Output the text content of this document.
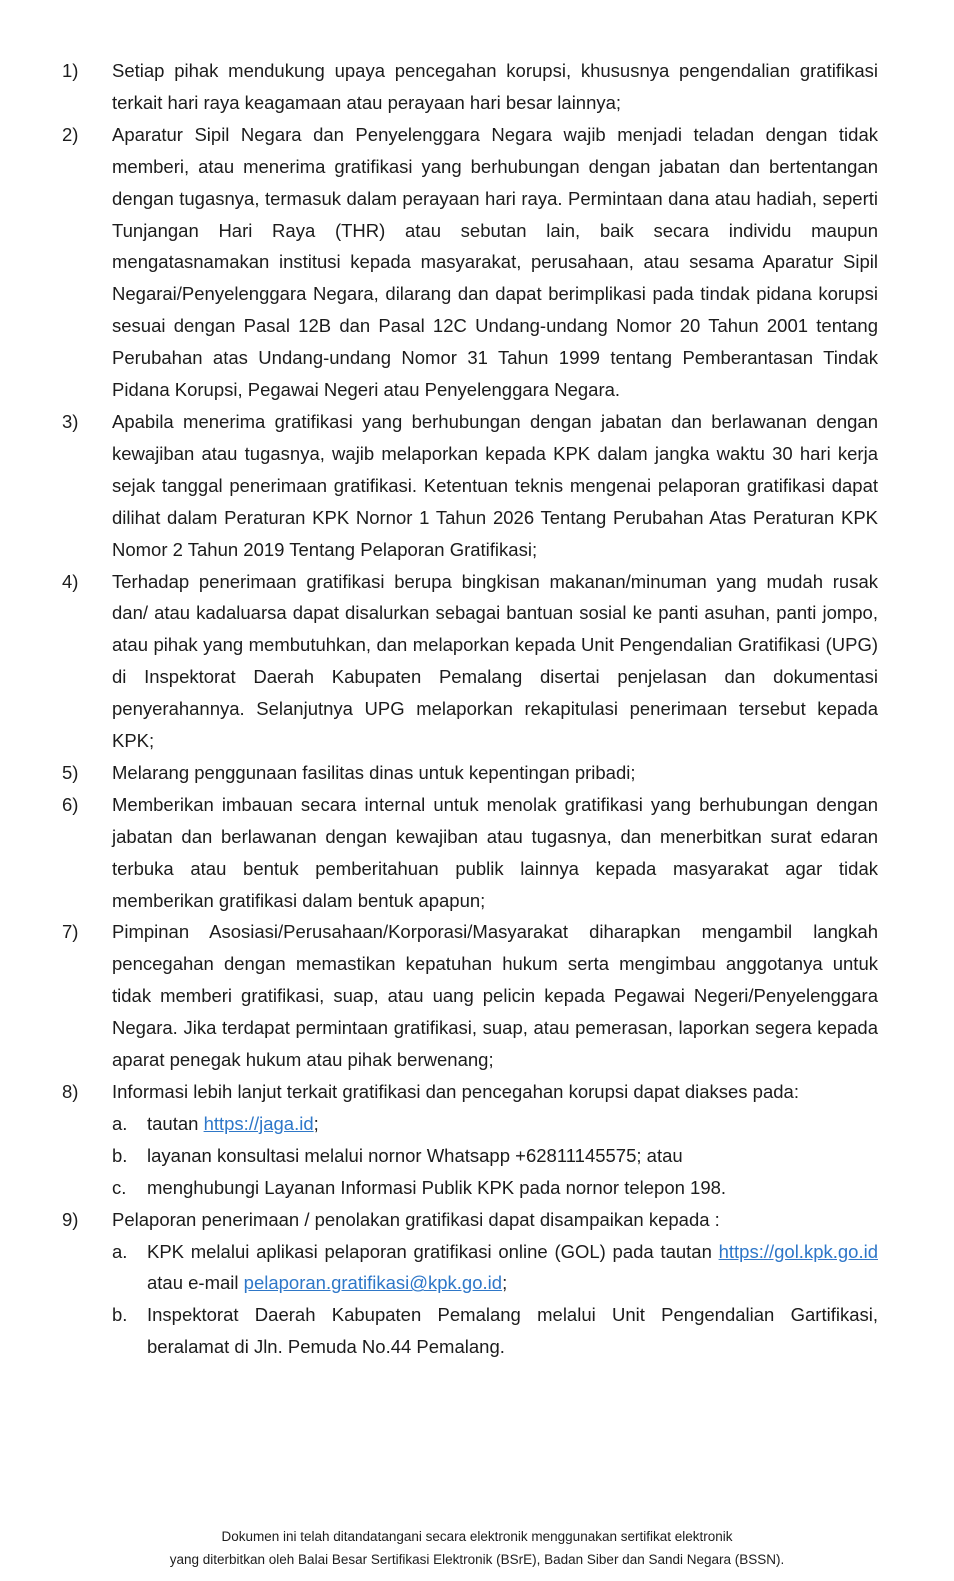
1)	Setiap pihak mendukung upaya pencegahan korupsi, khususnya pengendalian gratifikasi terkait hari raya keagamaan atau perayaan hari besar lainnya;
2)	Aparatur Sipil Negara dan Penyelenggara Negara wajib menjadi teladan dengan tidak memberi, atau menerima gratifikasi yang berhubungan dengan jabatan dan bertentangan dengan tugasnya, termasuk dalam perayaan hari raya. Permintaan dana atau hadiah, seperti Tunjangan Hari Raya (THR) atau sebutan lain, baik secara individu maupun mengatasnamakan institusi kepada masyarakat, perusahaan, atau sesama Aparatur Sipil Negarai/Penyelenggara Negara, dilarang dan dapat berimplikasi pada tindak pidana korupsi sesuai dengan Pasal 12B dan Pasal 12C Undang-undang Nomor 20 Tahun 2001 tentang Perubahan atas Undang-undang Nomor 31 Tahun 1999 tentang Pemberantasan Tindak Pidana Korupsi, Pegawai Negeri atau Penyelenggara Negara.
3)	Apabila menerima gratifikasi yang berhubungan dengan jabatan dan berlawanan dengan kewajiban atau tugasnya, wajib melaporkan kepada KPK dalam jangka waktu 30 hari kerja sejak tanggal penerimaan gratifikasi. Ketentuan teknis mengenai pelaporan gratifikasi dapat dilihat dalam Peraturan KPK Nornor 1 Tahun 2026 Tentang Perubahan Atas Peraturan KPK Nomor 2 Tahun 2019 Tentang Pelaporan Gratifikasi;
4)	Terhadap penerimaan gratifikasi berupa bingkisan makanan/minuman yang mudah rusak dan/ atau kadaluarsa dapat disalurkan sebagai bantuan sosial ke panti asuhan, panti jompo, atau pihak yang membutuhkan, dan melaporkan kepada Unit Pengendalian Gratifikasi (UPG) di Inspektorat Daerah Kabupaten Pemalang disertai penjelasan dan dokumentasi penyerahannya. Selanjutnya UPG melaporkan rekapitulasi penerimaan tersebut kepada KPK;
5)	Melarang penggunaan fasilitas dinas untuk kepentingan pribadi;
6)	Memberikan imbauan secara internal untuk menolak gratifikasi yang berhubungan dengan jabatan dan berlawanan dengan kewajiban atau tugasnya, dan menerbitkan surat edaran terbuka atau bentuk pemberitahuan publik lainnya kepada masyarakat agar tidak memberikan gratifikasi dalam bentuk apapun;
7)	Pimpinan Asosiasi/Perusahaan/Korporasi/Masyarakat diharapkan mengambil langkah pencegahan dengan memastikan kepatuhan hukum serta mengimbau anggotanya untuk tidak memberi gratifikasi, suap, atau uang pelicin kepada Pegawai Negeri/Penyelenggara Negara. Jika terdapat permintaan gratifikasi, suap, atau pemerasan, laporkan segera kepada aparat penegak hukum atau pihak berwenang;
8)	Informasi lebih lanjut terkait gratifikasi dan pencegahan korupsi dapat diakses pada:
a.	tautan https://jaga.id;
b.	layanan konsultasi melalui nornor Whatsapp +62811145575; atau
c.	menghubungi Layanan Informasi Publik KPK pada nornor telepon 198.
9)	Pelaporan penerimaan / penolakan gratifikasi dapat disampaikan kepada :
a.	KPK melalui aplikasi pelaporan gratifikasi online (GOL) pada tautan https://gol.kpk.go.id atau e-mail pelaporan.gratifikasi@kpk.go.id;
b.	Inspektorat Daerah Kabupaten Pemalang melalui Unit Pengendalian Gartifikasi, beralamat di Jln. Pemuda No.44 Pemalang.
Dokumen ini telah ditandatangani secara elektronik menggunakan sertifikat elektronik
yang diterbitkan oleh Balai Besar Sertifikasi Elektronik (BSrE), Badan Siber dan Sandi Negara (BSSN).
